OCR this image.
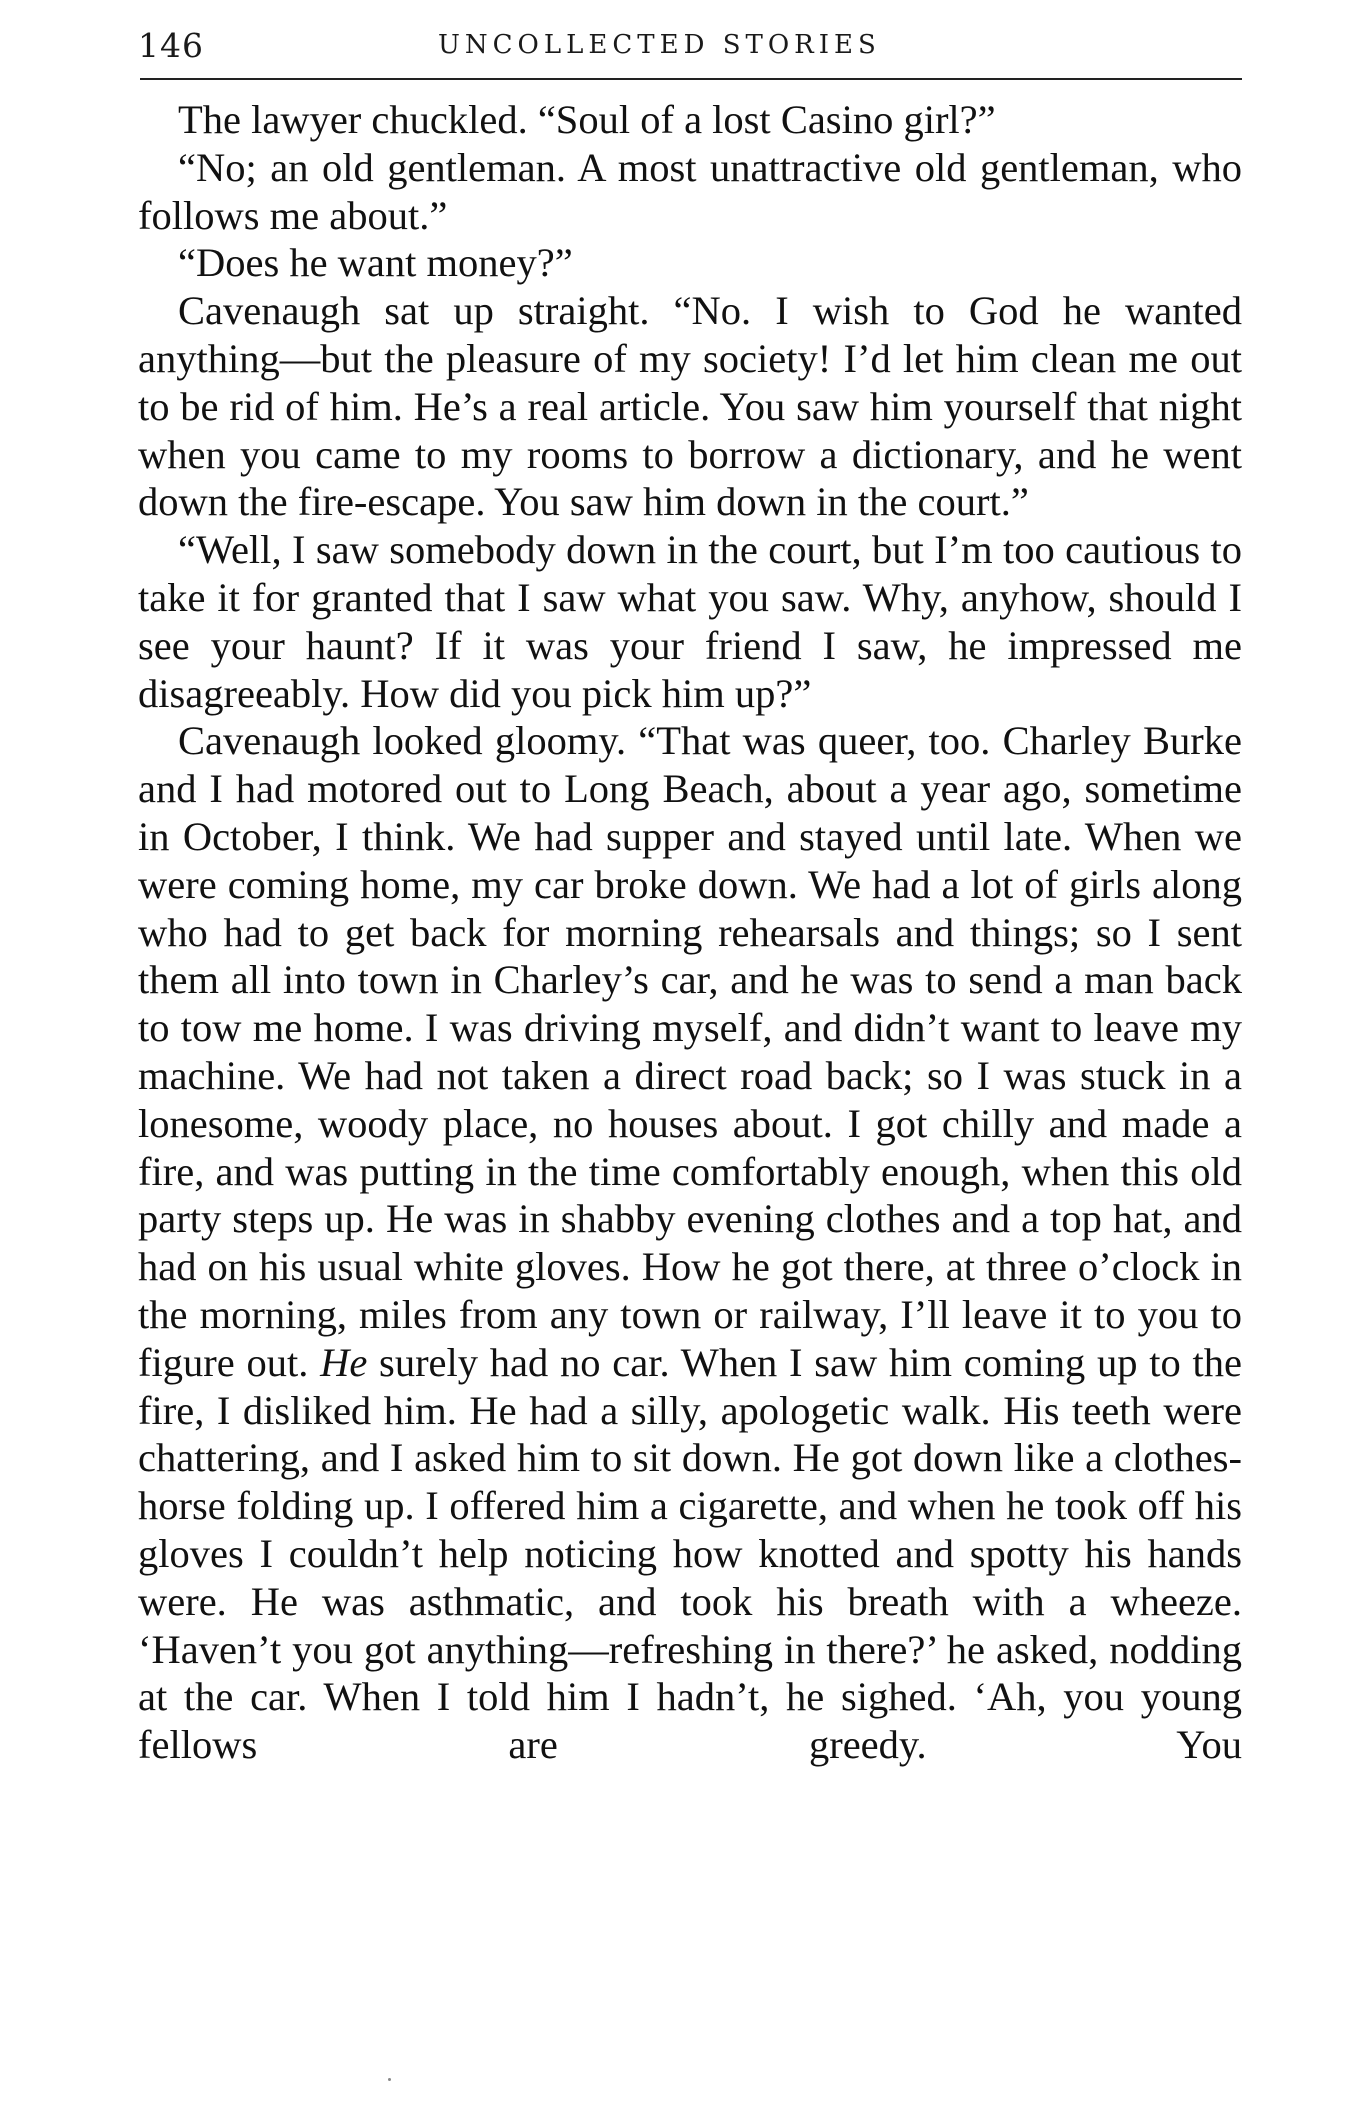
146	UNCOLLECTED STORIES

The lawyer chuckled. “Soul of a lost Casino girl?”

“No; an old gentleman. A most unattractive old gentleman, who follows me about.”

“Does he want money?”

Cavenaugh sat up straight. “No. I wish to God he wanted anything—but the pleasure of my society! I’d let him clean me out to be rid of him. He’s a real article. You saw him yourself that night when you came to my rooms to borrow a dictionary, and he went down the fire-escape. You saw him down in the court.”

“Well, I saw somebody down in the court, but I’m too cautious to take it for granted that I saw what you saw. Why, anyhow, should I see your haunt? If it was your friend I saw, he impressed me disagreeably. How did you pick him up?”

Cavenaugh looked gloomy. “That was queer, too. Charley Burke and I had motored out to Long Beach, about a year ago, sometime in October, I think. We had supper and stayed until late. When we were coming home, my car broke down. We had a lot of girls along who had to get back for morning rehearsals and things; so I sent them all into town in Charley’s car, and he was to send a man back to tow me home. I was driving myself, and didn’t want to leave my machine. We had not taken a direct road back; so I was stuck in a lonesome, woody place, no houses about. I got chilly and made a fire, and was putting in the time comfortably enough, when this old party steps up. He was in shabby evening clothes and a top hat, and had on his usual white gloves. How he got there, at three o’clock in the morning, miles from any town or railway, I’ll leave it to you to figure out. He surely had no car. When I saw him coming up to the fire, I disliked him. He had a silly, apologetic walk. His teeth were chattering, and I asked him to sit down. He got down like a clothes-horse folding up. I offered him a cigarette, and when he took off his gloves I couldn’t help noticing how knotted and spotty his hands were. He was asthmatic, and took his breath with a wheeze. ‘Haven’t you got anything—refreshing in there?’ he asked, nodding at the car. When I told him I hadn’t, he sighed. ‘Ah, you young fellows are greedy. You
